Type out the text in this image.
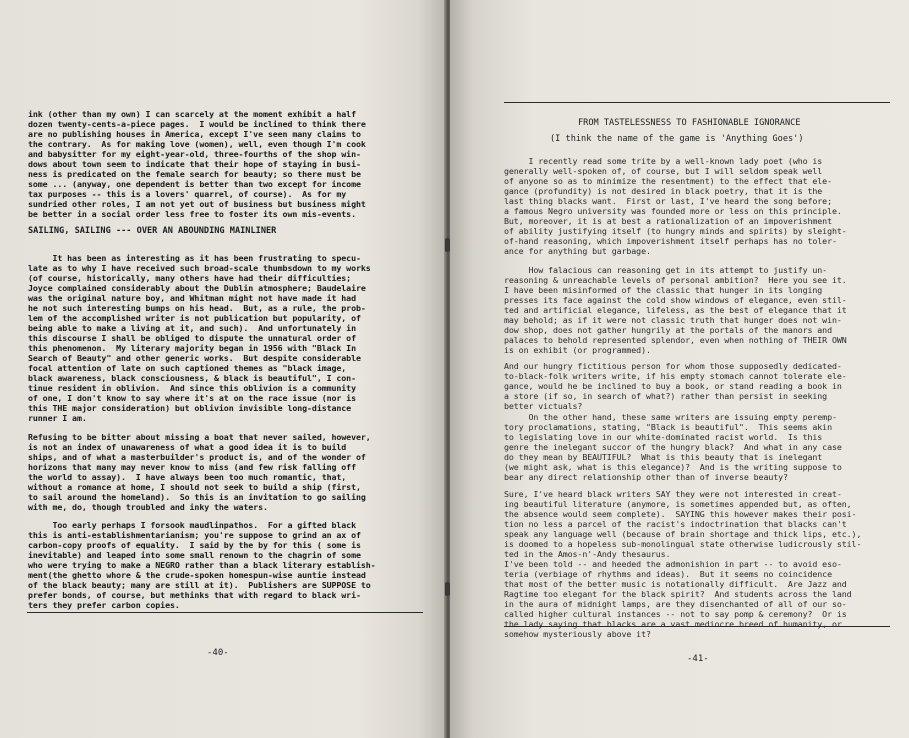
ink (other than my own) I can scarcely at the moment exhibit a half
dozen twenty-cents-a-piece pages.  I would be inclined to think there
are no publishing houses in America, except I've seen many claims to
the contrary.  As for making love (women), well, even though I'm cook
and babysitter for my eight-year-old, three-fourths of the shop win-
dows about town seem to indicate that their hope of staying in busi-
ness is predicated on the female search for beauty; so there must be
some ... (anyway, one dependent is better than two except for income
tax purposes -- this is a lovers' quarrel, of course).  As for my
sundried other roles, I am not yet out of business but business might
be better in a social order less free to foster its own mis-events.
SAILING, SAILING --- OVER AN ABOUNDING MAINLINER
It has been as interesting as it has been frustrating to specu-
late as to why I have received such broad-scale thumbsdown to my works
(of course, historically, many others have had their difficulties;
Joyce complained considerably about the Dublin atmosphere; Baudelaire
was the original nature boy, and Whitman might not have made it had
he not such interesting bumps on his head.  But, as a rule, the prob-
lem of the accomplished writer is not publication but popularity, of
being able to make a living at it, and such).  And unfortunately in
this discourse I shall be obliged to dispute the unnatural order of
this phenomenon.  My literary majority began in 1956 with "Black In
Search of Beauty" and other generic works.  But despite considerable
focal attention of late on such captioned themes as "black image,
black awareness, black consciousness, & black is beautiful", I con-
tinue resident in oblivion.  And since this oblivion is a community
of one, I don't know to say where it's at on the race issue (nor is
this THE major consideration) but oblivion invisible long-distance
runner I am.
Refusing to be bitter about missing a boat that never sailed, however,
is not an index of unawareness of what a good idea it is to build
ships, and of what a masterbuilder's product is, and of the wonder of
horizons that many may never know to miss (and few risk falling off
the world to assay).  I have always been too much romantic, that,
without a romance at home, I should not seek to build a ship (first,
to sail around the homeland).  So this is an invitation to go sailing
with me, do, though troubled and inky the waters.
Too early perhaps I forsook maudlinpathos.  For a gifted black
this is anti-establishmentarianism; you're suppose to grind an ax of
carbon-copy proofs of equality.  I said by the by for this ( some is
inevitable) and leaped into some small renown to the chagrin of some
who were trying to make a NEGRO rather than a black literary establish-
ment(the ghetto whore & the crude-spoken homespun-wise auntie instead
of the black beauty; many are still at it).  Publishers are SUPPOSE to
prefer bonds, of course, but methinks that with regard to black wri-
ters they prefer carbon copies.
-40-
FROM TASTELESSNESS TO FASHIONABLE IGNORANCE
(I think the name of the game is 'Anything Goes')
I recently read some trite by a well-known lady poet (who is
generally well-spoken of, of course, but I will seldom speak well
of anyone so as to minimize the resentment) to the effect that ele-
gance (profundity) is not desired in black poetry, that it is the
last thing blacks want.  First or last, I've heard the song before;
a famous Negro university was founded more or less on this principle.
But, moreover, it is at best a rationalization of an impoverishment
of ability justifying itself (to hungry minds and spirits) by sleight-
of-hand reasoning, which impoverishment itself perhaps has no toler-
ance for anything but garbage.
How falacious can reasoning get in its attempt to justify un-
reasoning & unreachable levels of personal ambition?  Here you see it.
I have been misinformed of the classic that hunger in its longing
presses its face against the cold show windows of elegance, even stil-
ted and artificial elegance, lifeless, as the best of elegance that it
may behold; as if it were not classic truth that hunger does not win-
dow shop, does not gather hungrily at the portals of the manors and
palaces to behold represented splendor, even when nothing of THEIR OWN
is on exhibit (or programmed).
And our hungry fictitious person for whom those supposedly dedicated-
to-black-folk writers write, if his empty stomach cannot tolerate ele-
gance, would he be inclined to buy a book, or stand reading a book in
a store (if so, in search of what?) rather than persist in seeking
better victuals?
On the other hand, these same writers are issuing empty peremp-
tory proclamations, stating, "Black is beautiful".  This seems akin
to legislating love in our white-dominated racist world.  Is this
genre the inelegant succor of the hungry black?  And what in any case
do they mean by BEAUTIFUL?  What is this beauty that is inelegant
(we might ask, what is this elegance)?  And is the writing suppose to
bear any direct relationship other than of inverse beauty?
Sure, I've heard black writers SAY they were not interested in creat-
ing beautiful literature (anymore, is sometimes appended but, as often,
the absence would seem complete).  SAYING this however makes their posi-
tion no less a parcel of the racist's indoctrination that blacks can't
speak any language well (because of brain shortage and thick lips, etc.),
is doomed to a hopeless sub-monolingual state otherwise ludicrously stil-
ted in the Amos-n'-Andy thesaurus.
I've been told -- and heeded the admonishion in part -- to avoid eso-
teria (verbiage of rhythms and ideas).  But it seems no coincidence
that most of the better music is notationally difficult.  Are Jazz and
Ragtime too elegant for the black spirit?  And students across the land
in the aura of midnight lamps, are they disenchanted of all of our so-
called higher cultural instances -- not to say pomp & ceremony?  Or is
the lady saying that blacks are a vast mediocre breed of humanity, or
somehow mysteriously above it?
-41-
